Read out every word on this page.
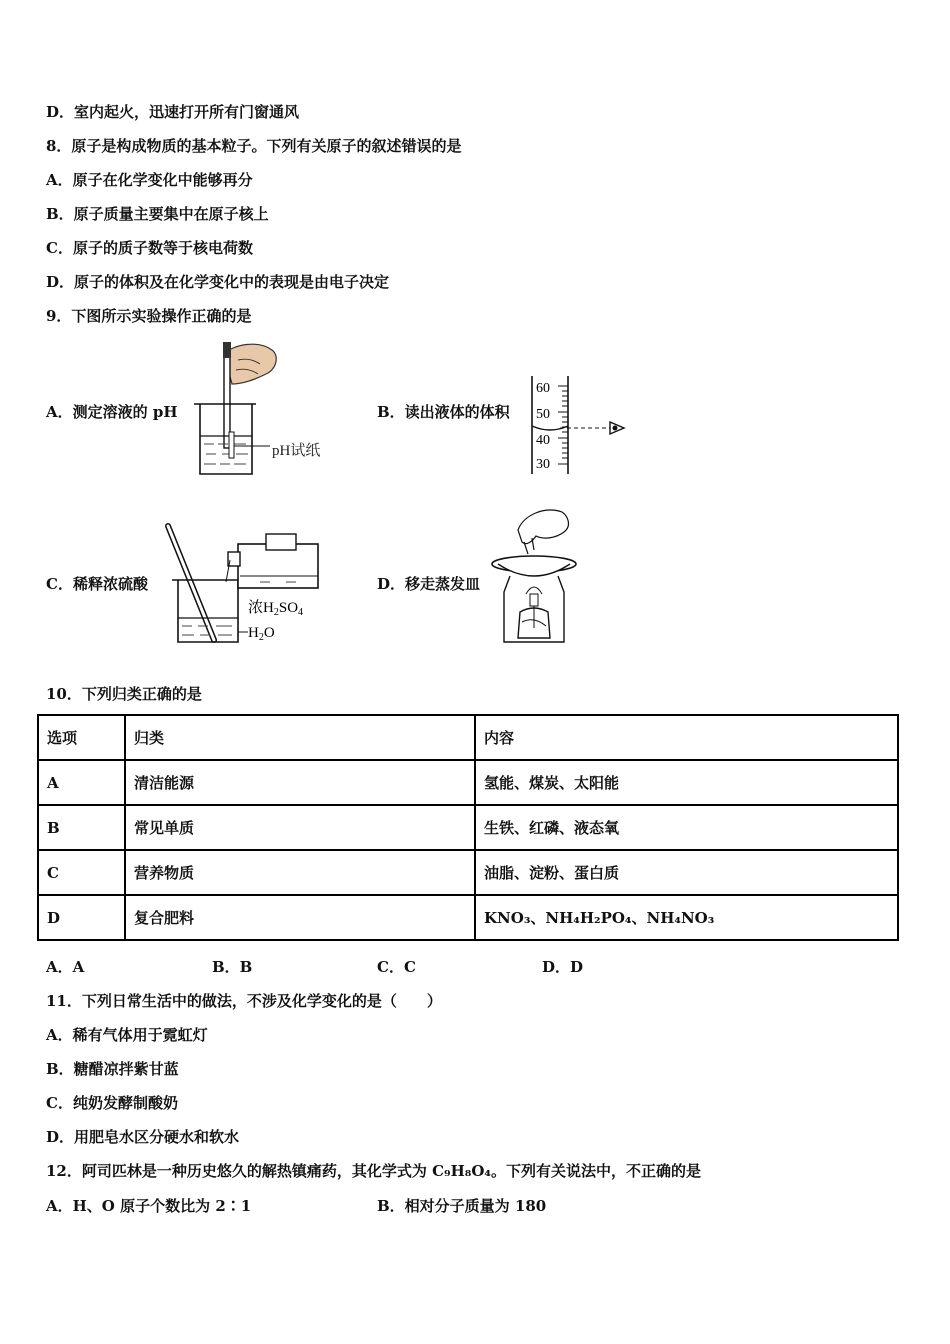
D．室内起火，迅速打开所有门窗通风
8．原子是构成物质的基本粒子。下列有关原子的叙述错误的是
A．原子在化学变化中能够再分
B．原子质量主要集中在原子核上
C．原子的质子数等于核电荷数
D．原子的体积及在化学变化中的表现是由电子决定
9．下图所示实验操作正确的是
A．测定溶液的 pH
pH试纸
B．读出液体的体积
60
50
40
30
C．稀释浓硫酸
浓$H_2SO_4$
$H_2O$
D．移走蒸发皿
10．下列归类正确的是
选项	归类	内容
A	清洁能源	氢能、煤炭、太阳能
B	常见单质	生铁、红磷、液态氧
C	营养物质	油脂、淀粉、蛋白质
D	复合肥料	KNO₃、NH₄H₂PO₄、NH₄NO₃
A．A	B．B	C．C	D．D
11．下列日常生活中的做法，不涉及化学变化的是（　　）
A．稀有气体用于霓虹灯
B．糖醋凉拌紫甘蓝
C．纯奶发酵制酸奶
D．用肥皂水区分硬水和软水
12．阿司匹林是一种历史悠久的解热镇痛药，其化学式为 C₉H₈O₄。下列有关说法中，不正确的是
A．H、O 原子个数比为 2∶1	B．相对分子质量为 180
